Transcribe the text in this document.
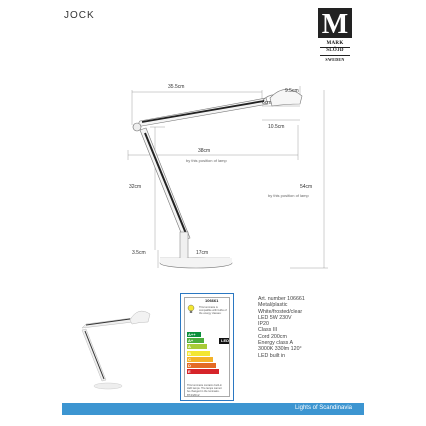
JOCK	M
MARK
SLÖJD
SWEDEN
35.5cm
9.5cm
6cm
10.5cm
38cm
by this position of lamp
32cm	54cm
by this position of lamp
3.5cm	17cm
106661
This luminaire is compatible with bulbs of the energy classes:
A++
A+
A
B
C
D
E
LED
This luminaire contains built-in LED lamps. The lamps cannot be changed in the luminaire.
874/2012
Art. number 106661
Metal/plastic
White/frosted/clear
LED 5W 230V
IP20
Class III
Cord 200cm
Energy class A
3000K 330lm 120°
LED built in
Lights of Scandinavia
